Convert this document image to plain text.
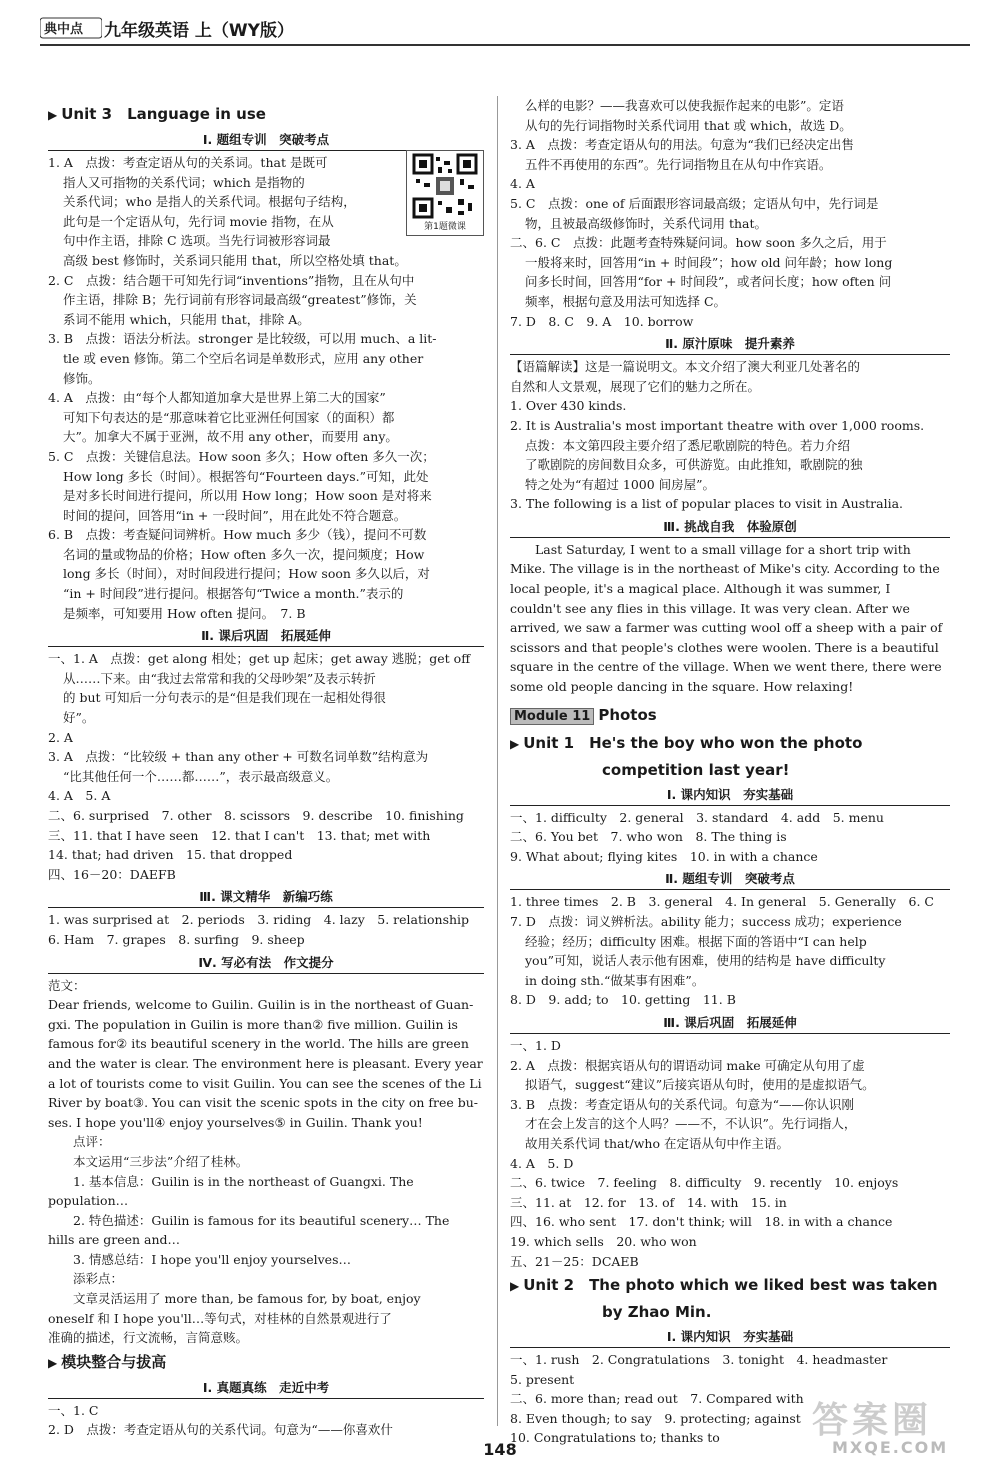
典中点 九年级英语 上（WY版）
▶ Unit 3　Language in use
Ⅰ. 题组专训　突破考点
1. A　点拨：考查定语从句的关系词。that 是既可
指人又可指物的关系代词；which 是指物的
关系代词；who 是指人的关系代词。根据句子结构，
此句是一个定语从句，先行词 movie 指物，在从
句中作主语，排除 C 选项。当先行词被形容词最
高级 best 修饰时，关系词只能用 that，所以空格处填 that。
2. C　点拨：结合题干可知先行词“inventions”指物，且在从句中
作主语，排除 B；先行词前有形容词最高级“greatest”修饰，关
系词不能用 which，只能用 that，排除 A。
3. B　点拨：语法分析法。stronger 是比较级，可以用 much、a lit-
tle 或 even 修饰。第二个空后名词是单数形式，应用 any other
修饰。
4. A　点拨：由“每个人都知道加拿大是世界上第二大的国家”
可知下句表达的是“那意味着它比亚洲任何国家（的面积）都
大”。加拿大不属于亚洲，故不用 any other，而要用 any。
5. C　点拨：关键信息法。How soon 多久；How often 多久一次；
How long 多长（时间）。根据答句“Fourteen days.”可知，此处
是对多长时间进行提问，所以用 How long；How soon 是对将来
时间的提问，回答用“in + 一段时间”，用在此处不符合题意。
6. B　点拨：考查疑问词辨析。How much 多少（钱），提问不可数
名词的量或物品的价格；How often 多久一次，提问频度；How
long 多长（时间），对时间段进行提问；How soon 多久以后，对
“in + 时间段”进行提问。根据答句“Twice a month.”表示的
是频率，可知要用 How often 提问。　7. B
Ⅱ. 课后巩固　拓展延伸
一、1. A　点拨：get along 相处；get up 起床；get away 逃脱；get off
从……下来。由“我过去常常和我的父母吵架”及表示转折
的 but 可知后一分句表示的是“但是我们现在一起相处得很
好”。
2. A
3. A　点拨：“比较级 + than any other + 可数名词单数”结构意为
“比其他任何一个……都……”，表示最高级意义。
4. A　5. A
二、6. surprised　7. other　8. scissors　9. describe　10. finishing
三、11. that I have seen　12. that I can't　13. that; met with
14. that; had driven　15. that dropped
四、16－20：DAEFB
Ⅲ. 课文精华　新编巧练
1. was surprised at　2. periods　3. riding　4. lazy　5. relationship
6. Ham　7. grapes　8. surfing　9. sheep
Ⅳ. 写必有法　作文提分
范文：
Dear friends, welcome to Guilin. Guilin is in the northeast of Guan-
gxi. The population in Guilin is more than② five million. Guilin is
famous for② its beautiful scenery in the world. The hills are green
and the water is clear. The environment here is pleasant. Every year
a lot of tourists come to visit Guilin. You can see the scenes of the Li
River by boat③. You can visit the scenic spots in the city on free bu-
ses. I hope you'll④ enjoy yourselves⑤ in Guilin. Thank you!
点评：
本文运用“三步法”介绍了桂林。
1. 基本信息：Guilin is in the northeast of Guangxi. The
population…
2. 特色描述：Guilin is famous for its beautiful scenery… The
hills are green and…
3. 情感总结：I hope you'll enjoy yourselves…
添彩点：
文章灵活运用了 more than, be famous for, by boat, enjoy
oneself 和 I hope you'll…等句式，对桂林的自然景观进行了
准确的描述，行文流畅，言简意赅。
▶ 模块整合与拔高
Ⅰ. 真题真练　走近中考
一、1. C
2. D　点拨：考查定语从句的关系代词。句意为“——你喜欢什
么样的电影？——我喜欢可以使我振作起来的电影”。定语
从句的先行词指物时关系代词用 that 或 which，故选 D。
3. A　点拨：考查定语从句的用法。句意为“我们已经决定出售
五件不再使用的东西”。先行词指物且在从句中作宾语。
4. A
5. C　点拨：one of 后面跟形容词最高级；定语从句中，先行词是
物，且被最高级修饰时，关系代词用 that。
二、6. C　点拨：此题考查特殊疑问词。how soon 多久之后，用于
一般将来时，回答用“in + 时间段”；how old 问年龄；how long
问多长时间，回答用“for + 时间段”，或者问长度；how often 问
频率，根据句意及用法可知选择 C。
7. D　8. C　9. A　10. borrow
Ⅱ. 原汁原味　提升素养
【语篇解读】这是一篇说明文。本文介绍了澳大利亚几处著名的
自然和人文景观，展现了它们的魅力之所在。
1. Over 430 kinds.
2. It is Australia's most important theatre with over 1,000 rooms.
点拨：本文第四段主要介绍了悉尼歌剧院的特色。若力介绍
了歌剧院的房间数目众多，可供游览。由此推知，歌剧院的独
特之处为“有超过 1000 间房屋”。
3. The following is a list of popular places to visit in Australia.
Ⅲ. 挑战自我　体验原创
Last Saturday, I went to a small village for a short trip with
Mike. The village is in the northeast of Mike's city. According to the
local people, it's a magical place. Although it was summer, I
couldn't see any flies in this village. It was very clean. After we
arrived, we saw a farmer was cutting wool off a sheep with a pair of
scissors and that people's clothes were woolen. There is a beautiful
square in the centre of the village. When we went there, there were
some old people dancing in the square. How relaxing!
Module 11 Photos
▶ Unit 1　He's the boy who won the photo
competition last year!
Ⅰ. 课内知识　夯实基础
一、1. difficulty　2. general　3. standard　4. add　5. menu
二、6. You bet　7. who won　8. The thing is
9. What about; flying kites　10. in with a chance
Ⅱ. 题组专训　突破考点
1. three times　2. B　3. general　4. In general　5. Generally　6. C
7. D　点拨：词义辨析法。ability 能力；success 成功；experience
经验；经历；difficulty 困难。根据下面的答语中“I can help
you”可知，说话人表示他有困难，使用的结构是 have difficulty
in doing sth.“做某事有困难”。
8. D　9. add; to　10. getting　11. B
Ⅲ. 课后巩固　拓展延伸
一、1. D
2. A　点拨：根据宾语从句的谓语动词 make 可确定从句用了虚
拟语气，suggest“建议”后接宾语从句时，使用的是虚拟语气。
3. B　点拨：考查定语从句的关系代词。句意为“——你认识刚
才在会上发言的这个人吗？——不，不认识”。先行词指人，
故用关系代词 that/who 在定语从句中作主语。
4. A　5. D
二、6. twice　7. feeling　8. difficulty　9. recently　10. enjoys
三、11. at　12. for　13. of　14. with　15. in
四、16. who sent　17. don't think; will　18. in with a chance
19. which sells　20. who won
五、21－25：DCAEB
▶ Unit 2　The photo which we liked best was taken
by Zhao Min.
Ⅰ. 课内知识　夯实基础
一、1. rush　2. Congratulations　3. tonight　4. headmaster
5. present
二、6. more than; read out　7. Compared with
8. Even though; to say　9. protecting; against
10. Congratulations to; thanks to
第1题微课
答案圈
MXQE.COM
148
